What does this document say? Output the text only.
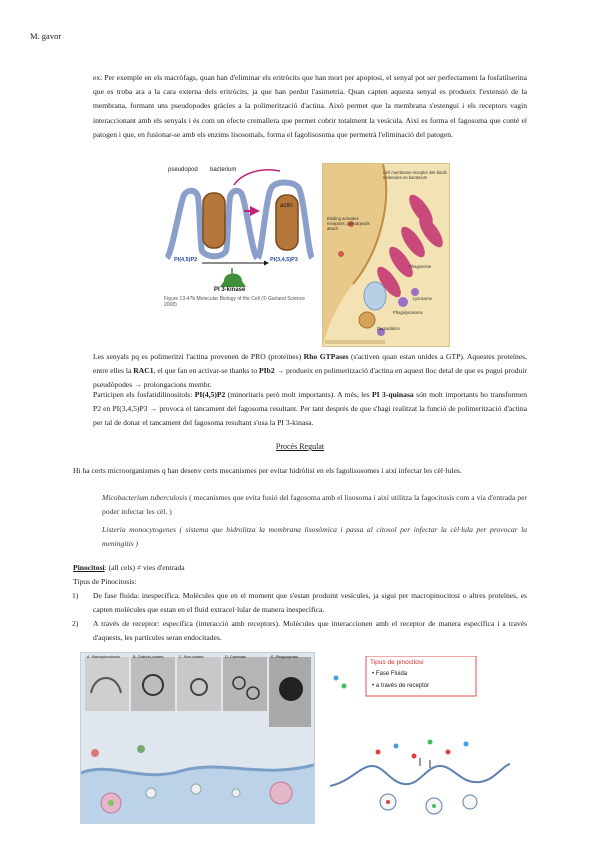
M. gavor

ex: Per exemple en els macròfags, quan han d'eliminar els eritròcits que han mort per apoptosi, el senyal pot ser perfectament la fosfatilserina que es troba ara a la cara externa dels eritròcits, ja que han perdut l'asimetria. Quan capten aquesta senyal es produeix l'extensió de la membrana, formant uns pseudopodes gràcies a la polimerització d'actina. Això permet que la membrana s'estengui i els receptors vagin interaccionant amb els senyals i és com un efecte cremallera que permet cobrir totalment la vesícula. Així es forma el fagosoma que conté el patogen i que, en fusionar-se amb els enzims lisosomals, forma el fagolisosoma que permetrà l'eliminació del patogen.

pseudopod bacterium
actin
PI(4,5)P2	PI(3,4,5)P3
PI 3-kinase
Figure 13-47b Molecular Biology of the Cell (© Garland Science 2008)
Cell membrane receptor site binds molecules on bacterium
Binding activates receptors; pseudopods attach
Phagosome
Lysosome
Phagolysosome
Degradation
Les senyals pq es polimeritzi l'actina provenen de PRO (proteïnes) Rho GTPases (s'activen quan estan unides a GTP). Aquestes proteïnes, entre elles la RAC1, el que fan en activar-se thanks to PIb2 → produeix en polimerització d'actina en aquest lloc detal de que es pugui produir pseudòpodes → prolongacions membr.
Participen els fosfatidilinositols: PI(4,5)P2 (minoritaris però molt importants). A més, les PI 3-quinasa són molt importants ho transformen P2 en PI(3,4,5)P3 → provoca el tancament del fagosoma resultant. Per tant després de que s'hagi realitzat la funció de polimerització d'actina per tal de donar el tancament del fagosoma resultant s'usa la PI 3-kinasa.
Procés Regulat

Hi ha certs microorganismes q han desenv certs mecanismes per evitar hidròlisi en els fagolisosomes i així infectar les cèl·lules.

Micobacterium tuberculosis ( mecanismes que evita fusió del fagosoma amb el lisosoma i així utilitza la fagocitosis com a via d'entrada per poder infectar les cèl. )
Listeria monocytogenes ( sistema que hidrolitza la membrana lisosòmica i passa al citosol per infectar la cèl·lula per provocar la meningitis )
Pinocitosi: (all cels) ≠ vies d'entrada
Tipus de Pinocitosis:
1) De fase fluida: inespecífica. Molècules que en el moment que s'estan produint vesícules, ja sigui per macropinocitosi o altres proteïnes, es capten molècules que estan en el fluid extracel·lular de manera inespecífica.
2) A través de receptor: específica (interacció amb receptors). Molècules que interaccionen amb el receptor de manera específica i a través d'aquests, les partícules seran endocitades.
A. Macropinocitosis	B. Clathrin-coated	C. Non-coated	D. Caveolae	E. Phagocytosis
Tipus de pinocitosi
• Fase Fluida
• a través de receptor
